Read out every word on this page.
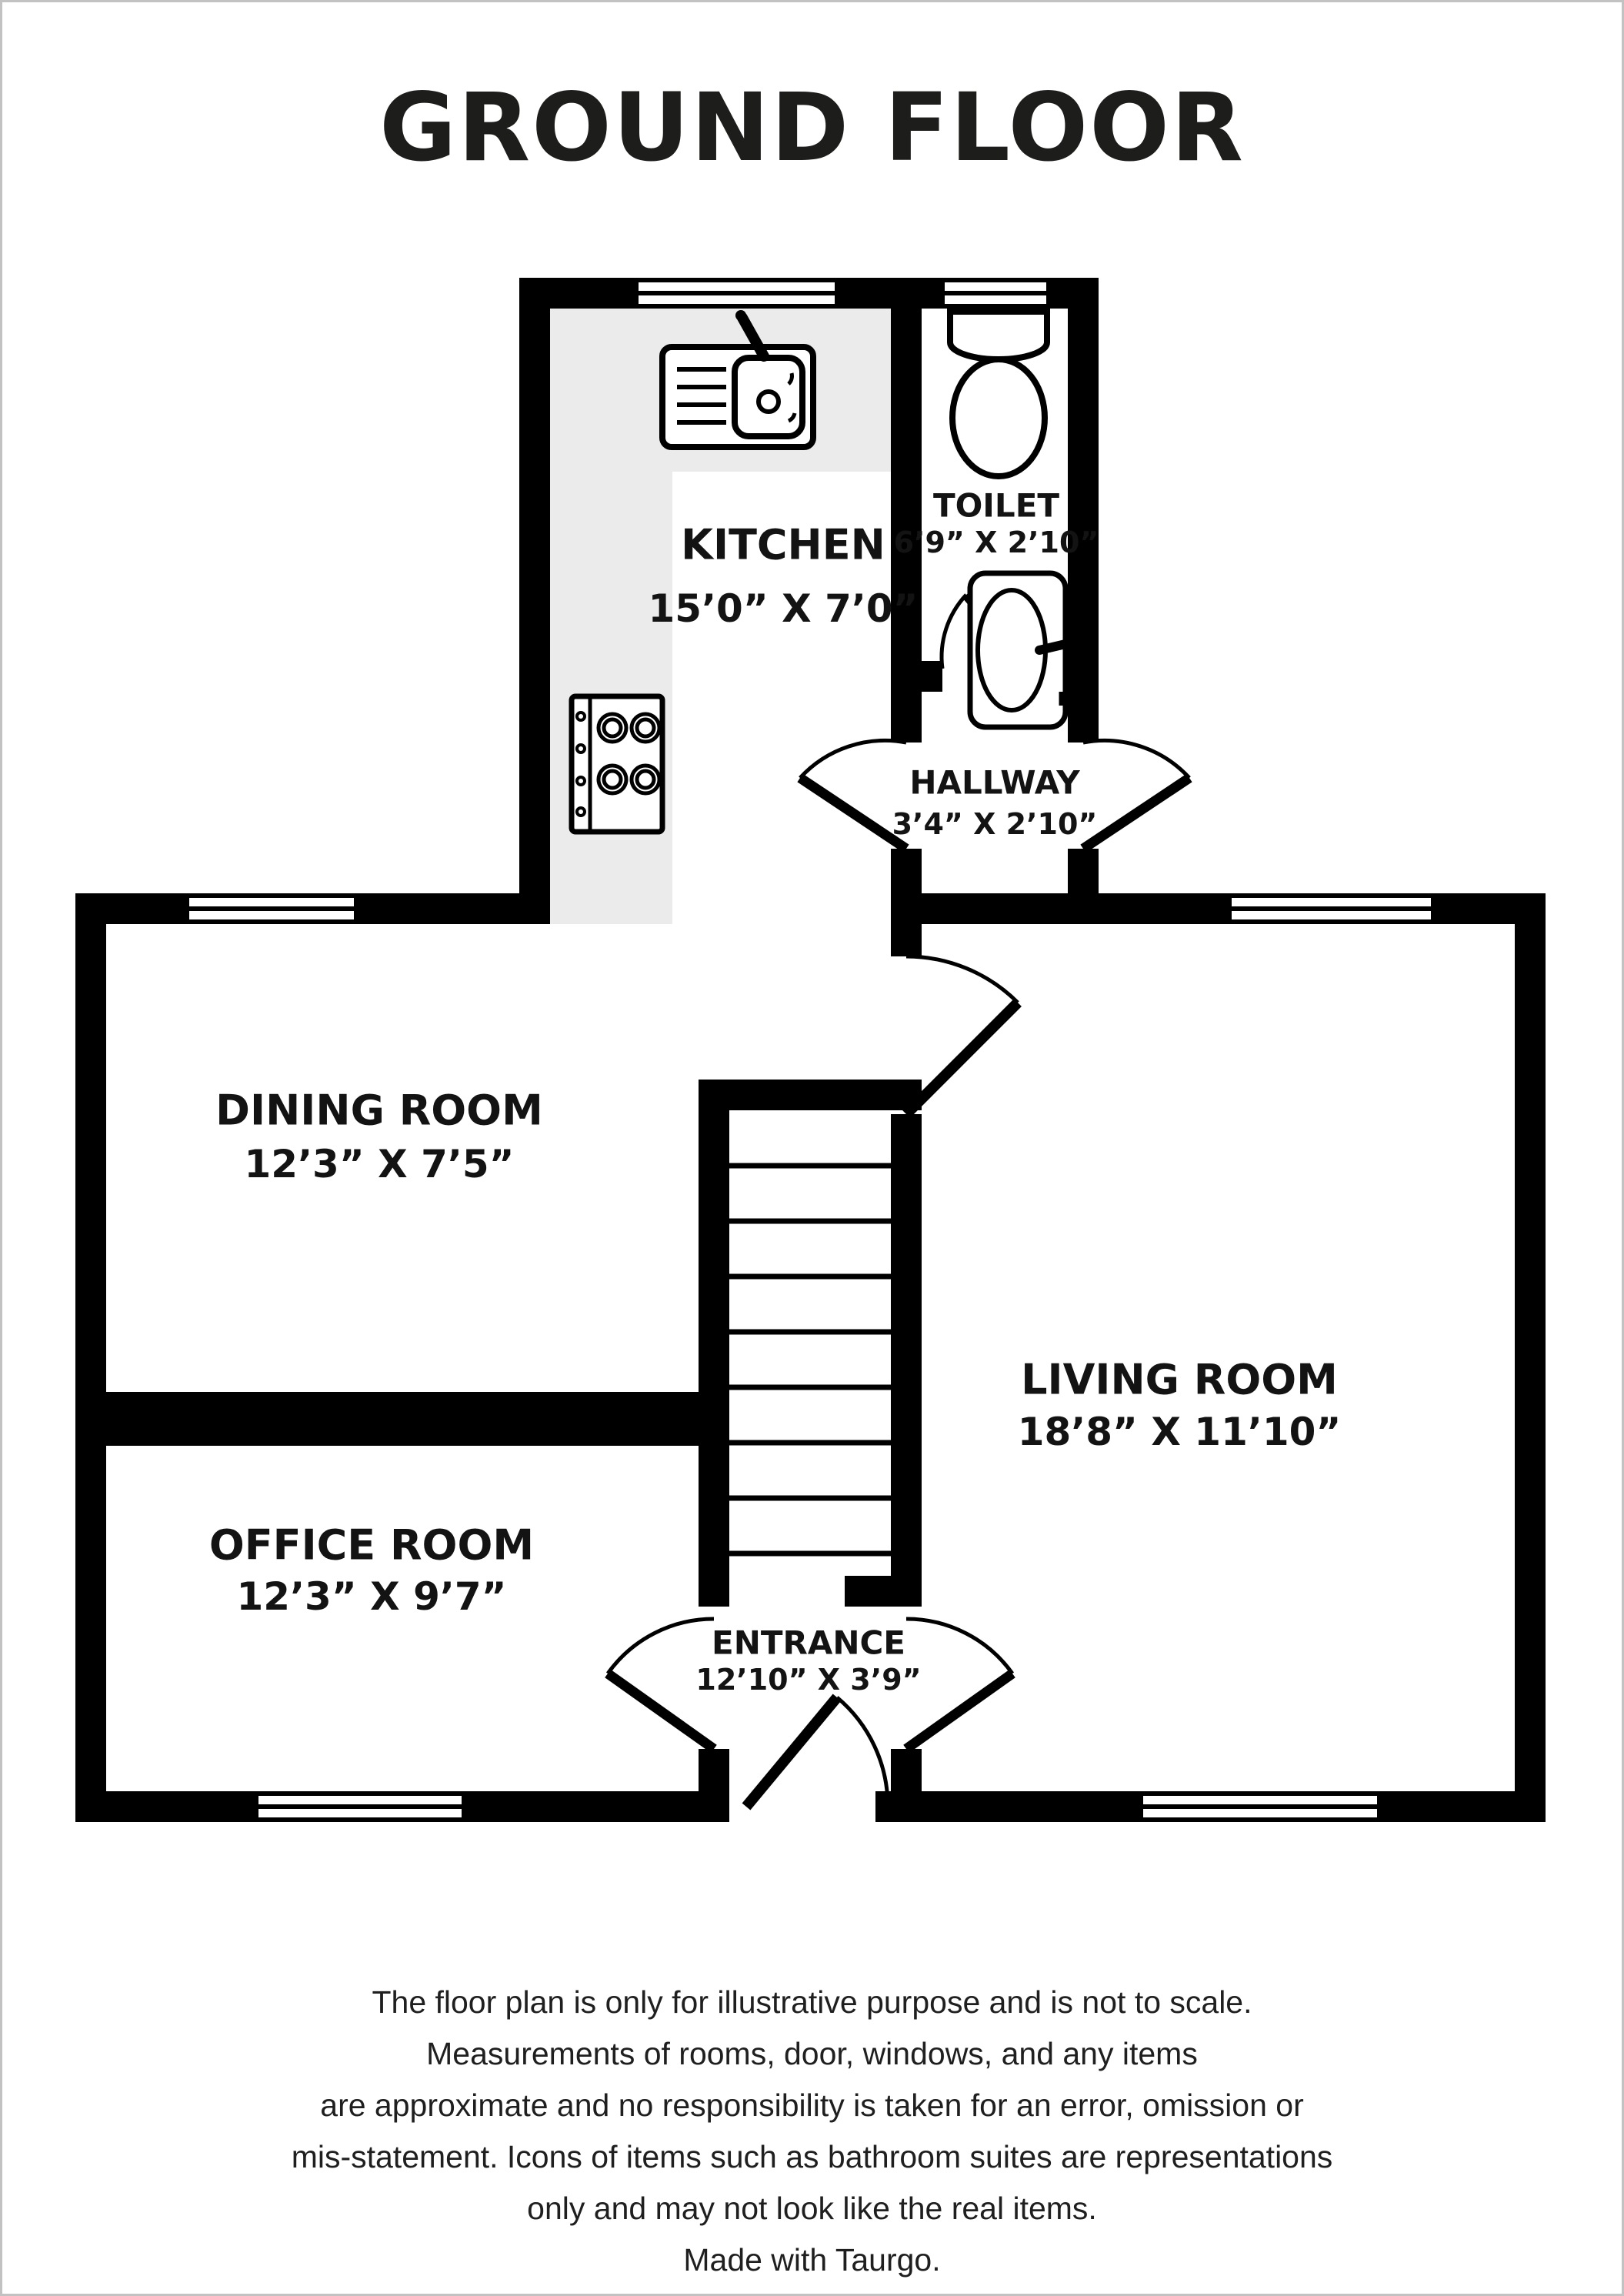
GROUND FLOOR
KITCHEN
15’0” X 7’0”
TOILET
6’9” X 2’10”
HALLWAY
3’4” X 2’10”
DINING ROOM
12’3” X 7’5”
LIVING ROOM
18’8” X 11’10”
OFFICE ROOM
12’3” X 9’7”
ENTRANCE
12’10” X 3’9”
The floor plan is only for illustrative purpose and is not to scale.
Measurements of rooms, door, windows, and any items
are approximate and no responsibility is taken for an error, omission or
mis-statement. Icons of items such as bathroom suites are representations
only and may not look like the real items.
Made with Taurgo.
